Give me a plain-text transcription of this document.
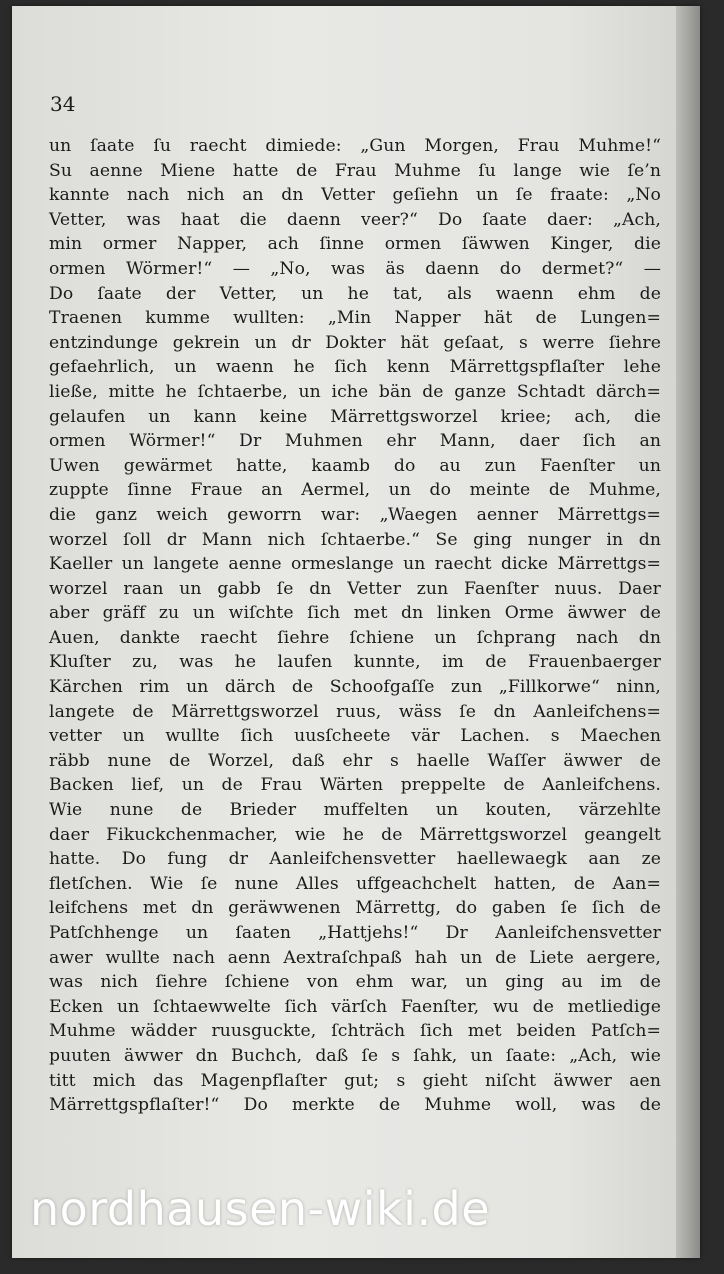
34
un ſaate ſu raecht dimiede: „Gun Morgen, Frau Muhme!“
Su aenne Miene hatte de Frau Muhme ſu lange wie ſe’n
kannte nach nich an dn Vetter geſiehn un ſe fraate: „No
Vetter, was haat die daenn veer?“ Do ſaate daer: „Ach,
min ormer Napper, ach ſinne ormen ſäwwen Kinger, die
ormen Wörmer!“ — „No, was äs daenn do dermet?“ —
Do ſaate der Vetter, un he tat, als waenn ehm de
Traenen kumme wullten: „Min Napper hät de Lungen=
entzindunge gekrein un dr Dokter hät geſaat, s werre ſiehre
gefaehrlich, un waenn he ſich kenn Märrettgspflaſter lehe
ließe, mitte he ſchtaerbe, un iche bän de ganze Schtadt därch=
gelaufen un kann keine Märrettgsworzel kriee; ach, die
ormen Wörmer!“ Dr Muhmen ehr Mann, daer ſich an
Uwen gewärmet hatte, kaamb do au zun Faenſter un
zuppte ſinne Fraue an Aermel, un do meinte de Muhme,
die ganz weich geworrn war: „Waegen aenner Märrettgs=
worzel ſoll dr Mann nich ſchtaerbe.“ Se ging nunger in dn
Kaeller un langete aenne ormeslange un raecht dicke Märrettgs=
worzel raan un gabb ſe dn Vetter zun Faenſter nuus. Daer
aber gräff zu un wiſchte ſich met dn linken Orme äwwer de
Auen, dankte raecht ſiehre ſchiene un ſchprang nach dn
Kluſter zu, was he laufen kunnte, im de Frauenbaerger
Kärchen rim un därch de Schoofgaſſe zun „Fillkorwe“ ninn,
langete de Märrettgsworzel ruus, wäss ſe dn Aanleifchens=
vetter un wullte ſich uusſcheete vär Lachen. s Maechen
räbb nune de Worzel, daß ehr s haelle Waſſer äwwer de
Backen lief, un de Frau Wärten preppelte de Aanleifchens.
Wie nune de Brieder muffelten un kouten, värzehlte
daer Fikuckchenmacher, wie he de Märrettgsworzel geangelt
hatte. Do fung dr Aanleifchensvetter haellewaegk aan ze
fletſchen. Wie ſe nune Alles uffgeachchelt hatten, de Aan=
leifchens met dn geräwwenen Märrettg, do gaben ſe ſich de
Patſchhenge un ſaaten „Hattjehs!“ Dr Aanleifchensvetter
awer wullte nach aenn Aextraſchpaß hah un de Liete aergere,
was nich ſiehre ſchiene von ehm war, un ging au im de
Ecken un ſchtaewwelte ſich värſch Faenſter, wu de metliedige
Muhme wädder ruusguckte, ſchträch ſich met beiden Patſch=
puuten äwwer dn Buchch, daß ſe s ſahk, un ſaate: „Ach, wie
titt mich das Magenpflaſter gut; s gieht niſcht äwwer aen
Märrettgspflaſter!“ Do merkte de Muhme woll, was de
nordhausen-wiki.de
